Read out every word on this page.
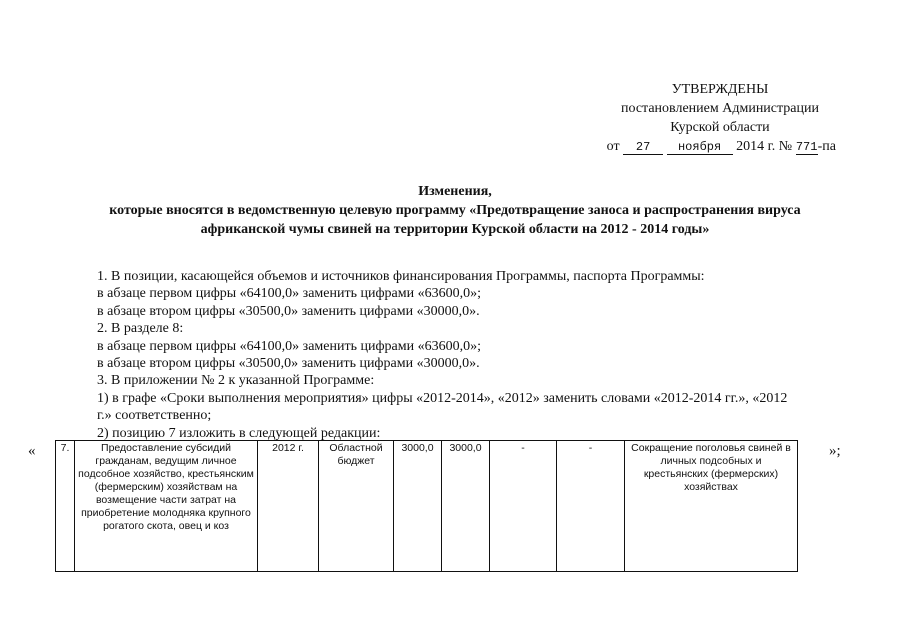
УТВЕРЖДЕНЫ
постановлением Администрации
Курской области
от 27 ноября 2014 г. № 771-па
Изменения,
которые вносятся в ведомственную целевую программу «Предотвращение заноса и распространения вируса
африканской чумы свиней на территории Курской области на 2012 - 2014 годы»

1. В позиции, касающейся объемов и источников финансирования Программы, паспорта Программы:

в абзаце первом цифры «64100,0» заменить цифрами «63600,0»;

в абзаце втором цифры «30500,0» заменить цифрами «30000,0».

2. В разделе 8:

в абзаце первом цифры «64100,0» заменить цифрами «63600,0»;

в абзаце втором цифры «30500,0» заменить цифрами «30000,0».

3. В приложении № 2 к указанной Программе:

1) в графе «Сроки выполнения мероприятия» цифры «2012-2014», «2012» заменить словами «2012-2014 гг.», «2012

г.» соответственно;

2) позицию 7 изложить в следующей редакции:

« 7.	Предоставление субсидий гражданам, ведущим личное подсобное хозяйство, крестьянским (фермерским) хозяйствам на возмещение части затрат на приобретение молодняка крупного рогатого скота, овец и коз	2012 г.	Областной бюджет	3000,0	3000,0	-	-	Сокращение поголовья свиней в личных подсобных и крестьянских (фермерских) хозяйствах
»;
